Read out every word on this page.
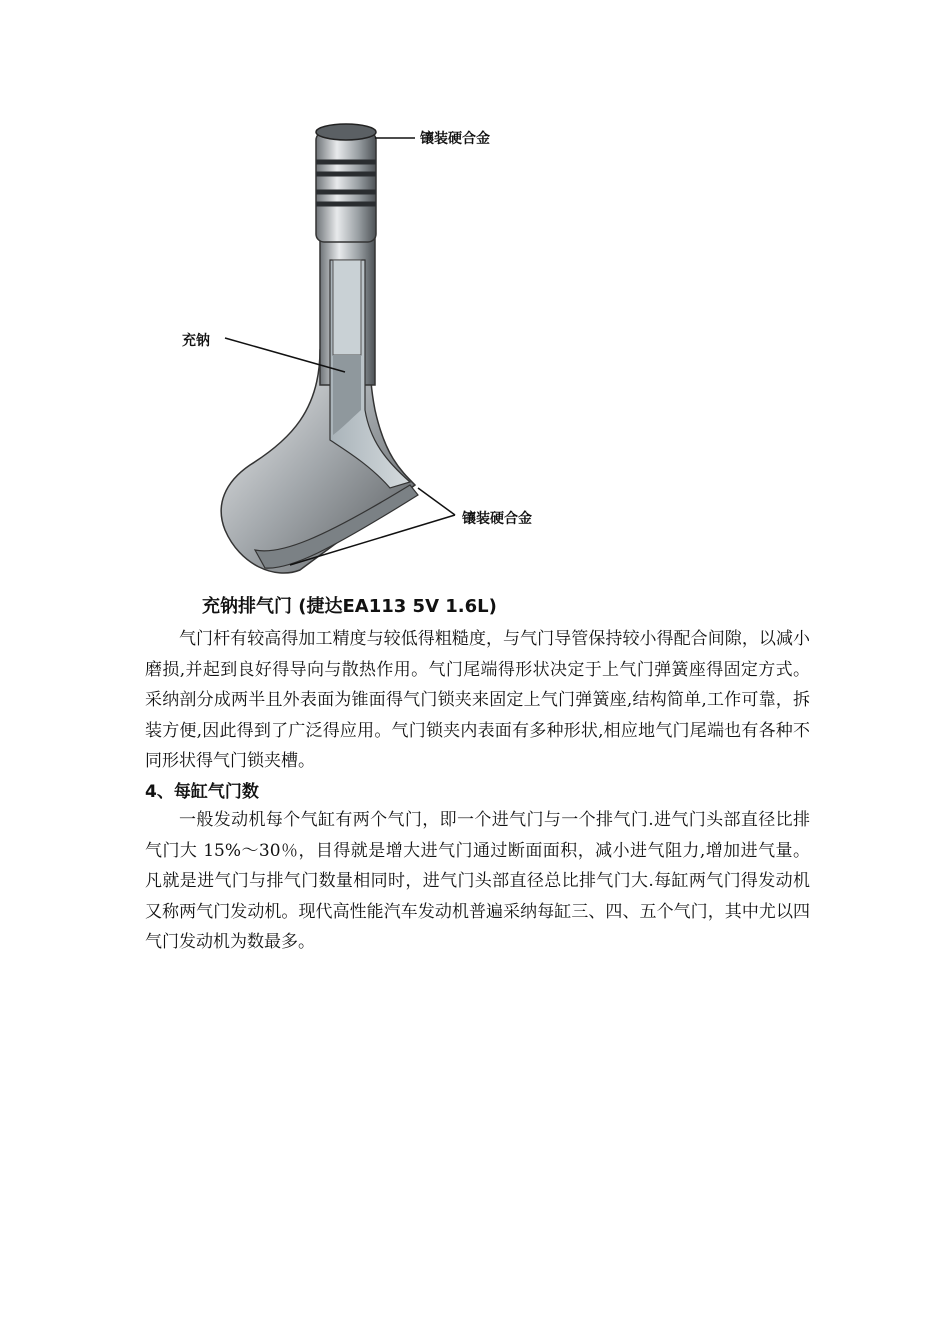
镶装硬合金
充钠
镶装硬合金
充钠排气门 (捷达EA113 5V 1.6L)
气门杆有较高得加工精度与较低得粗糙度，与气门导管保持较小得配合间隙，以减小磨损,并起到良好得导向与散热作用。气门尾端得形状决定于上气门弹簧座得固定方式。采纳剖分成两半且外表面为锥面得气门锁夹来固定上气门弹簧座,结构简单,工作可靠，拆装方便,因此得到了广泛得应用。气门锁夹内表面有多种形状,相应地气门尾端也有各种不同形状得气门锁夹槽。
4、每缸气门数
一般发动机每个气缸有两个气门，即一个进气门与一个排气门.进气门头部直径比排气门大 15%～30％，目得就是增大进气门通过断面面积，减小进气阻力,增加进气量。凡就是进气门与排气门数量相同时，进气门头部直径总比排气门大.每缸两气门得发动机又称两气门发动机。现代高性能汽车发动机普遍采纳每缸三、四、五个气门，其中尤以四气门发动机为数最多。
